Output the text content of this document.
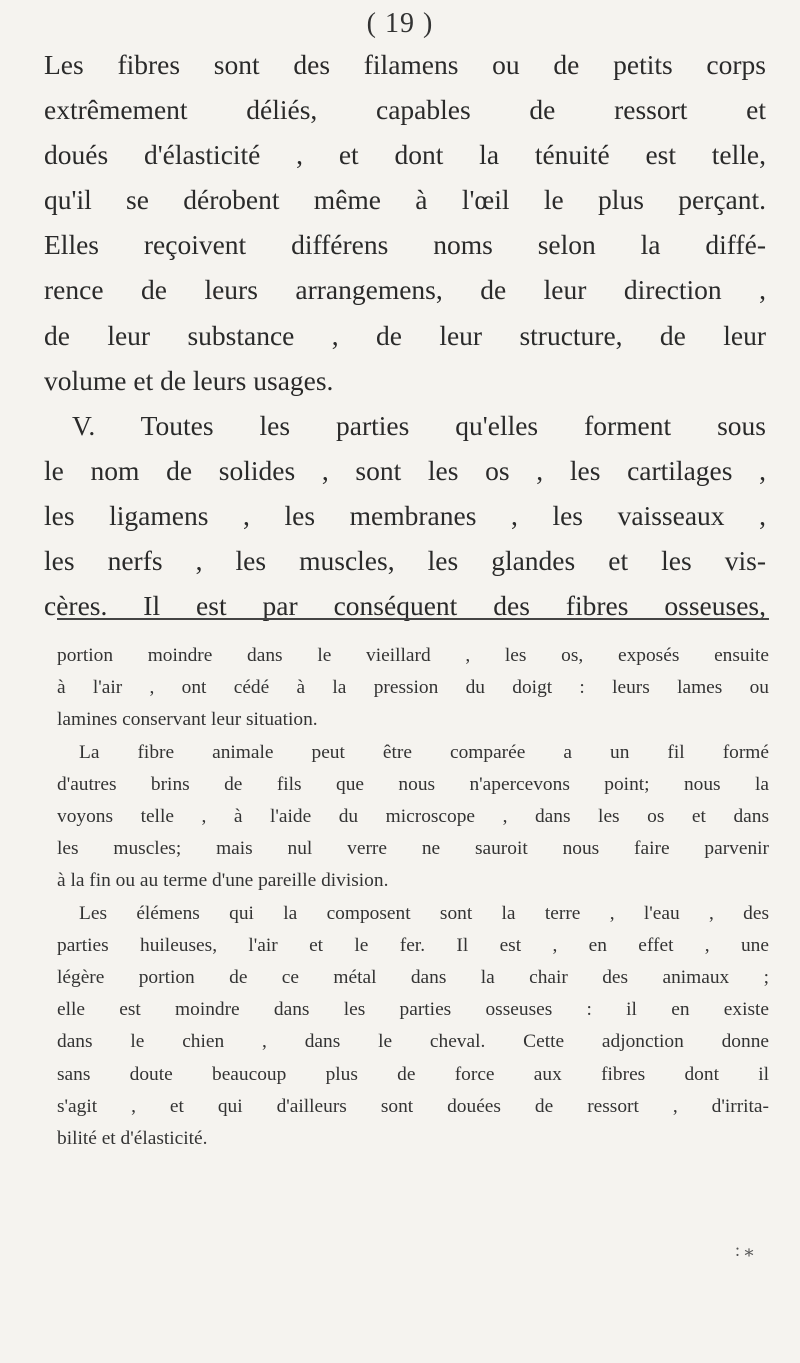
( 19 )
Les fibres sont des filamens ou de petits corps
extrêmement déliés, capables de ressort et
doués d'élasticité , et dont la ténuité est telle,
qu'il se dérobent même à l'œil le plus perçant.
Elles reçoivent différens noms selon la diffé-
rence de leurs arrangemens, de leur direction ,
de leur substance , de leur structure, de leur
volume et de leurs usages.
V. Toutes les parties qu'elles forment sous
le nom de solides , sont les os , les cartilages ,
les ligamens , les membranes , les vaisseaux ,
les nerfs , les muscles, les glandes et les vis-
cères. Il est par conséquent des fibres osseuses,
portion moindre dans le vieillard , les os, exposés ensuite
à l'air , ont cédé à la pression du doigt : leurs lames ou
lamines conservant leur situation.
La fibre animale peut être comparée a un fil formé
d'autres brins de fils que nous n'apercevons point; nous la
voyons telle , à l'aide du microscope , dans les os et dans
les muscles; mais nul verre ne sauroit nous faire parvenir
à la fin ou au terme d'une pareille division.
Les élémens qui la composent sont la terre , l'eau , des
parties huileuses, l'air et le fer. Il est , en effet , une
légère portion de ce métal dans la chair des animaux ;
elle est moindre dans les parties osseuses : il en existe
dans le chien , dans le cheval. Cette adjonction donne
sans doute beaucoup plus de force aux fibres dont il
s'agit , et qui d'ailleurs sont douées de ressort , d'irrita-
bilité et d'élasticité.
: ⁎
